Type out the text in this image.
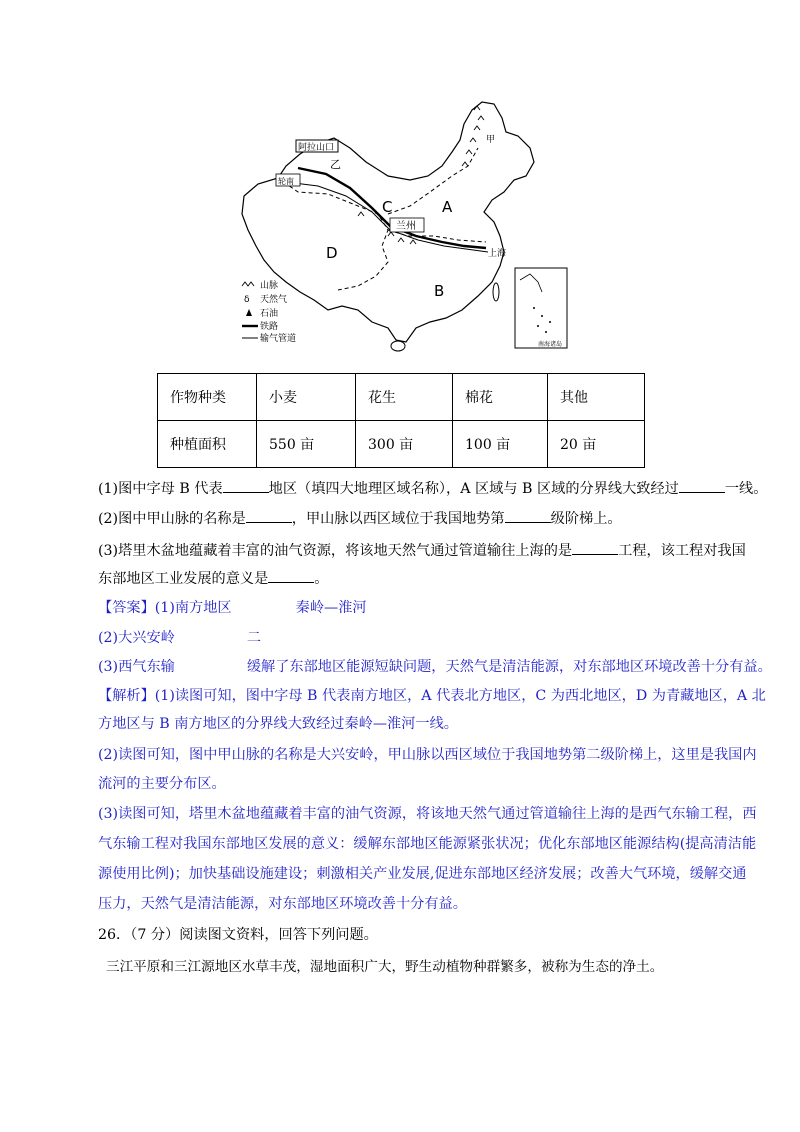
阿拉山口
轮南
乙
甲
兰州
上海
A
B
C
D
南海诸岛
山脉
δ 天然气
石油
铁路
输气管道
作物种类	小麦	花生	棉花	其他
种植面积	550 亩	300 亩	100 亩	20 亩
(1)图中字母 B 代表	地区（填四大地理区域名称），A 区域与 B 区域的分界线大致经过	一线。
(2)图中甲山脉的名称是	，甲山脉以西区域位于我国地势第	级阶梯上。
(3)塔里木盆地蕴藏着丰富的油气资源，将该地天然气通过管道输往上海的是	工程，该工程对我国
东部地区工业发展的意义是	。
【答案】(1)南方地区	秦岭—淮河
(2)大兴安岭	二
(3)西气东输	缓解了东部地区能源短缺问题，天然气是清洁能源，对东部地区环境改善十分有益。
【解析】(1)读图可知，图中字母 B 代表南方地区，A 代表北方地区，C 为西北地区，D 为青藏地区，A 北
方地区与 B 南方地区的分界线大致经过秦岭—淮河一线。
(2)读图可知，图中甲山脉的名称是大兴安岭，甲山脉以西区域位于我国地势第二级阶梯上，这里是我国内
流河的主要分布区。
(3)读图可知，塔里木盆地蕴藏着丰富的油气资源，将该地天然气通过管道输往上海的是西气东输工程，西
气东输工程对我国东部地区发展的意义：缓解东部地区能源紧张状况；优化东部地区能源结构(提高清洁能
源使用比例)；加快基础设施建设；刺激相关产业发展,促进东部地区经济发展；改善大气环境，缓解交通
压力，天然气是清洁能源，对东部地区环境改善十分有益。
26．（7 分）阅读图文资料，回答下列问题。
三江平原和三江源地区水草丰茂，湿地面积广大，野生动植物种群繁多，被称为生态的净土。
